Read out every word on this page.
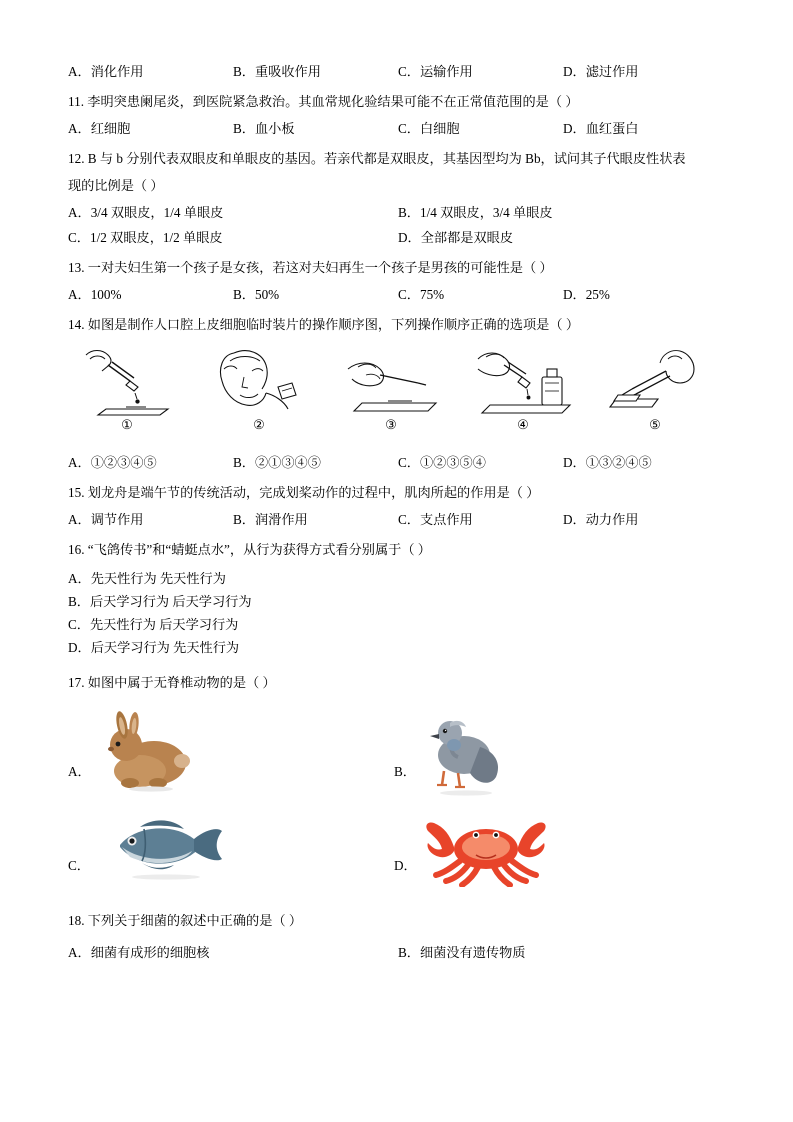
A．消化作用	B．重吸收作用	C．运输作用	D．滤过作用
11. 李明突患阑尾炎，到医院紧急救治。其血常规化验结果可能不在正常值范围的是（ ）
A．红细胞	B．血小板	C．白细胞	D．血红蛋白
12. B 与 b 分别代表双眼皮和单眼皮的基因。若亲代都是双眼皮，其基因型均为 Bb，试问其子代眼皮性状表
现的比例是（ ）
A．3/4 双眼皮，1/4 单眼皮	B．1/4 双眼皮，3/4 单眼皮
C．1/2 双眼皮，1/2 单眼皮	D．全部都是双眼皮
13. 一对夫妇生第一个孩子是女孩，若这对夫妇再生一个孩子是男孩的可能性是（ ）
A．100%	B．50%	C．75%	D．25%
14. 如图是制作人口腔上皮细胞临时装片的操作顺序图，下列操作顺序正确的选项是（ ）
①	②	③	④	⑤
A．①②③④⑤	B．②①③④⑤	C．①②③⑤④	D．①③②④⑤
15. 划龙舟是端午节的传统活动，完成划桨动作的过程中，肌肉所起的作用是（ ）
A．调节作用	B．润滑作用	C．支点作用	D．动力作用
16. “飞鸽传书”和“蜻蜓点水”，从行为获得方式看分别属于（ ）
A．先天性行为 先天性行为
B．后天学习行为 后天学习行为
C．先天性行为 后天学习行为
D．后天学习行为 先天性行为
17. 如图中属于无脊椎动物的是（ ）
A．	B．
C．	D．
18. 下列关于细菌的叙述中正确的是（ ）
A．细菌有成形的细胞核	B．细菌没有遗传物质
